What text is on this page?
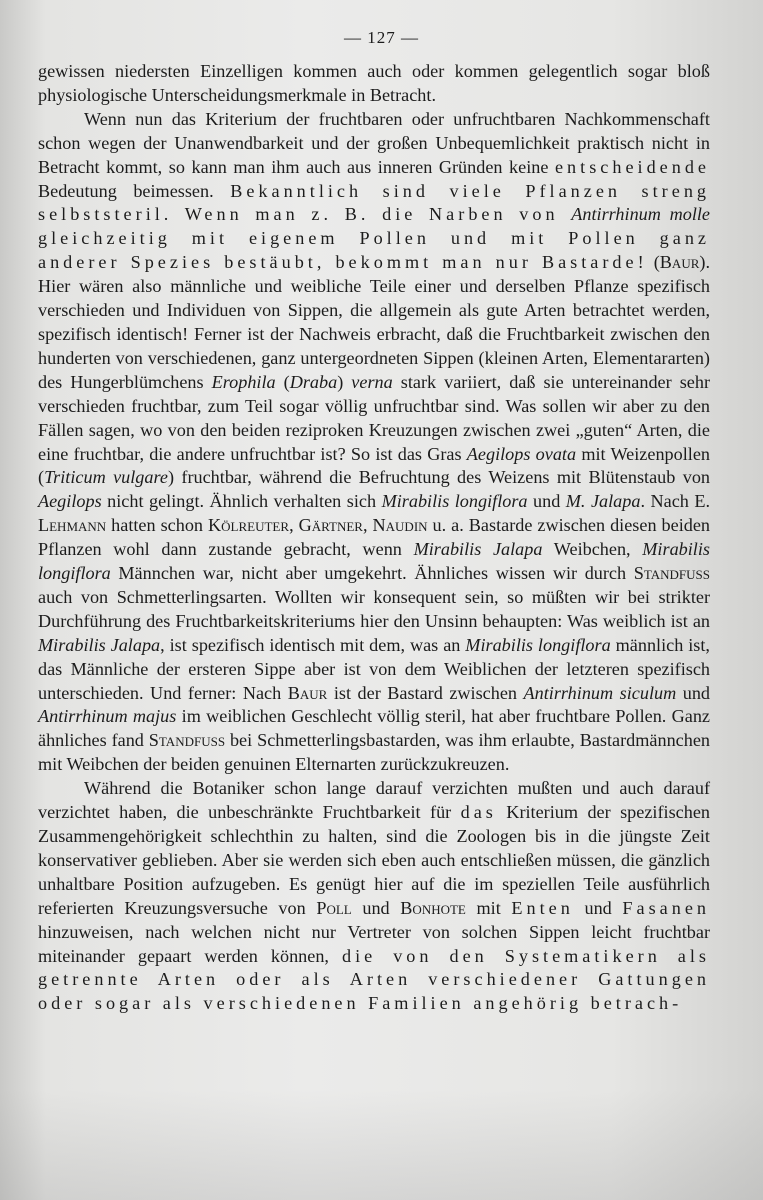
— 127 —

gewissen niedersten Einzelligen kommen auch oder kommen gelegentlich sogar bloß physiologische Unterscheidungsmerkmale in Betracht.

Wenn nun das Kriterium der fruchtbaren oder unfruchtbaren Nachkommenschaft schon wegen der Unanwendbarkeit und der großen Unbequemlichkeit praktisch nicht in Betracht kommt, so kann man ihm auch aus inneren Gründen keine entscheidende Bedeutung beimessen. Bekanntlich sind viele Pflanzen streng selbststeril. Wenn man z. B. die Narben von Antirrhinum molle gleichzeitig mit eigenem Pollen und mit Pollen ganz anderer Spezies bestäubt, bekommt man nur Bastarde! (Baur). Hier wären also männliche und weibliche Teile einer und derselben Pflanze spezifisch verschieden und Individuen von Sippen, die allgemein als gute Arten betrachtet werden, spezifisch identisch! Ferner ist der Nachweis erbracht, daß die Fruchtbarkeit zwischen den hunderten von verschiedenen, ganz untergeordneten Sippen (kleinen Arten, Elementararten) des Hungerblümchens Erophila (Draba) verna stark variiert, daß sie untereinander sehr verschieden fruchtbar, zum Teil sogar völlig unfruchtbar sind. Was sollen wir aber zu den Fällen sagen, wo von den beiden reziproken Kreuzungen zwischen zwei „guten“ Arten, die eine fruchtbar, die andere unfruchtbar ist? So ist das Gras Aegilops ovata mit Weizenpollen (Triticum vulgare) fruchtbar, während die Befruchtung des Weizens mit Blütenstaub von Aegilops nicht gelingt. Ähnlich verhalten sich Mirabilis longiflora und M. Jalapa. Nach E. Lehmann hatten schon Kölreuter, Gärtner, Naudin u. a. Bastarde zwischen diesen beiden Pflanzen wohl dann zustande gebracht, wenn Mirabilis Jalapa Weibchen, Mirabilis longiflora Männchen war, nicht aber umgekehrt. Ähnliches wissen wir durch Standfuss auch von Schmetterlingsarten. Wollten wir konsequent sein, so müßten wir bei strikter Durchführung des Fruchtbarkeitskriteriums hier den Unsinn behaupten: Was weiblich ist an Mirabilis Jalapa, ist spezifisch identisch mit dem, was an Mirabilis longiflora männlich ist, das Männliche der ersteren Sippe aber ist von dem Weiblichen der letzteren spezifisch unterschieden. Und ferner: Nach Baur ist der Bastard zwischen Antirrhinum siculum und Antirrhinum majus im weiblichen Geschlecht völlig steril, hat aber fruchtbare Pollen. Ganz ähnliches fand Standfuss bei Schmetterlingsbastarden, was ihm erlaubte, Bastardmännchen mit Weibchen der beiden genuinen Elternarten zurückzukreuzen.

Während die Botaniker schon lange darauf verzichten mußten und auch darauf verzichtet haben, die unbeschränkte Fruchtbarkeit für das Kriterium der spezifischen Zusammengehörigkeit schlechthin zu halten, sind die Zoologen bis in die jüngste Zeit konservativer geblieben. Aber sie werden sich eben auch entschließen müssen, die gänzlich unhaltbare Position aufzugeben. Es genügt hier auf die im speziellen Teile ausführlich referierten Kreuzungsversuche von Poll und Bonhote mit Enten und Fasanen hinzuweisen, nach welchen nicht nur Vertreter von solchen Sippen leicht fruchtbar miteinander gepaart werden können, die von den Systematikern als getrennte Arten oder als Arten verschiedener Gattungen oder sogar als verschiedenen Familien angehörig betrach-
